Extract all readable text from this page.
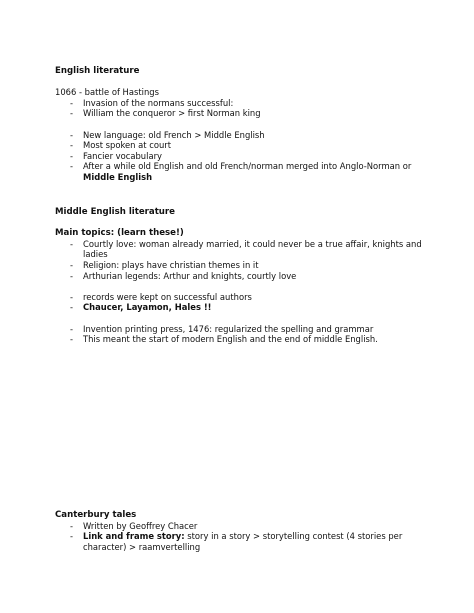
English literature
1066 - battle of Hastings
- Invasion of the normans successful:
- William the conqueror > first Norman king
- New language: old French > Middle English
- Most spoken at court
- Fancier vocabulary
- After a while old English and old French/norman merged into Anglo-Norman or Middle English
Middle English literature
Main topics: (learn these!)
- Courtly love: woman already married, it could never be a true affair, knights and ladies
- Religion: plays have christian themes in it
- Arthurian legends: Arthur and knights, courtly love
- records were kept on successful authors
- Chaucer, Layamon, Hales !!
- Invention printing press, 1476: regularized the spelling and grammar
- This meant the start of modern English and the end of middle English.
Canterbury tales
- Written by Geoffrey Chacer
- Link and frame story: story in a story > storytelling contest (4 stories per character) > raamvertelling
